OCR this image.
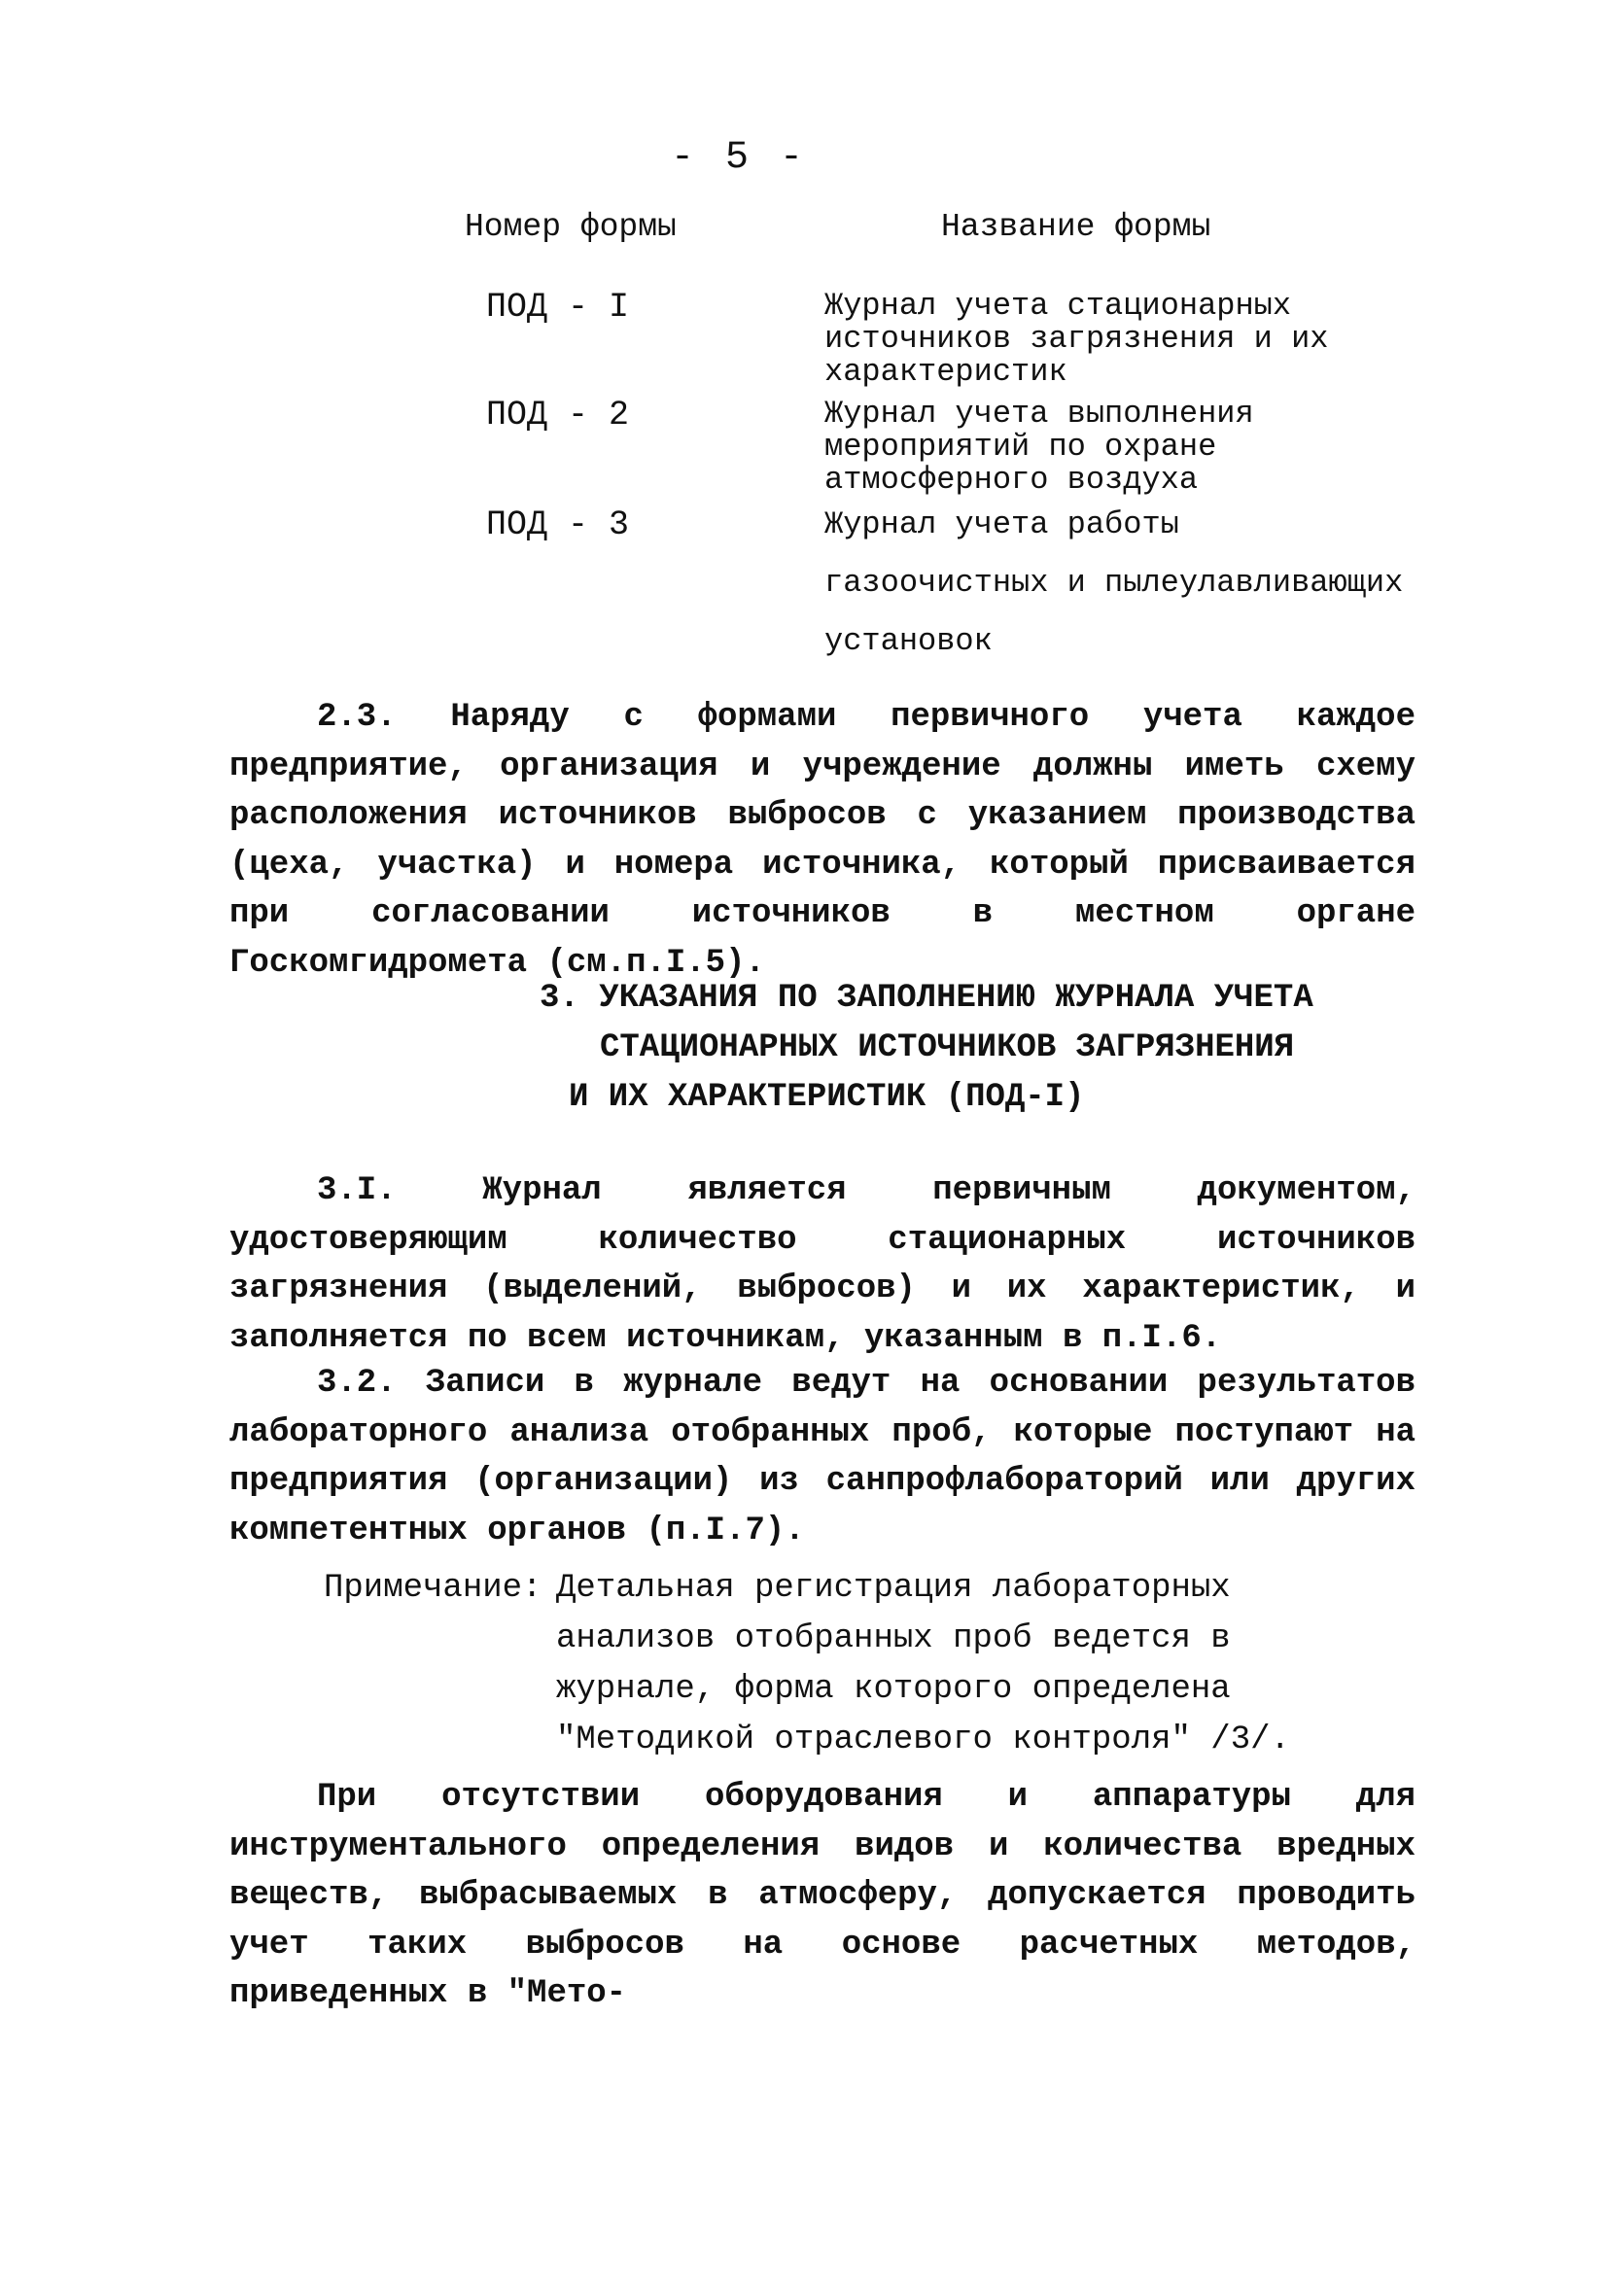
- 5 -
Номер формы	Название формы
ПОД - I	Журнал учета стационарных источников загрязнения и их характеристик
ПОД - 2	Журнал учета выполнения мероприятий по охране атмосферного воздуха
ПОД - 3	Журнал учета работы газоочистных и пылеулавливающих установок
2.3. Наряду с формами первичного учета каждое предприятие, организация и учреждение должны иметь схему расположения источников выбросов с указанием производства (цеха, участка) и номера источника, который присваивается при согласовании источников в местном органе Госкомгидромета (см.п.I.5).
3. УКАЗАНИЯ ПО ЗАПОЛНЕНИЮ ЖУРНАЛА УЧЕТА
СТАЦИОНАРНЫХ ИСТОЧНИКОВ ЗАГРЯЗНЕНИЯ
И ИХ ХАРАКТЕРИСТИК (ПОД-I)
3.I. Журнал является первичным документом, удостоверяющим количество стационарных источников загрязнения (выделений, выбросов) и их характеристик, и заполняется по всем источникам, указанным в п.I.6.
3.2. Записи в журнале ведут на основании результатов лабораторного анализа отобранных проб, которые поступают на предприятия (организации) из санпрофлабораторий или других компетентных органов (п.I.7).
Примечание: Детальная регистрация лабораторных анализов отобранных проб ведется в журнале, форма которого определена "Методикой отраслевого контроля" /3/.
При отсутствии оборудования и аппаратуры для инструментального определения видов и количества вредных веществ, выбрасываемых в атмосферу, допускается проводить учет таких выбросов на основе расчетных методов, приведенных в "Мето-
